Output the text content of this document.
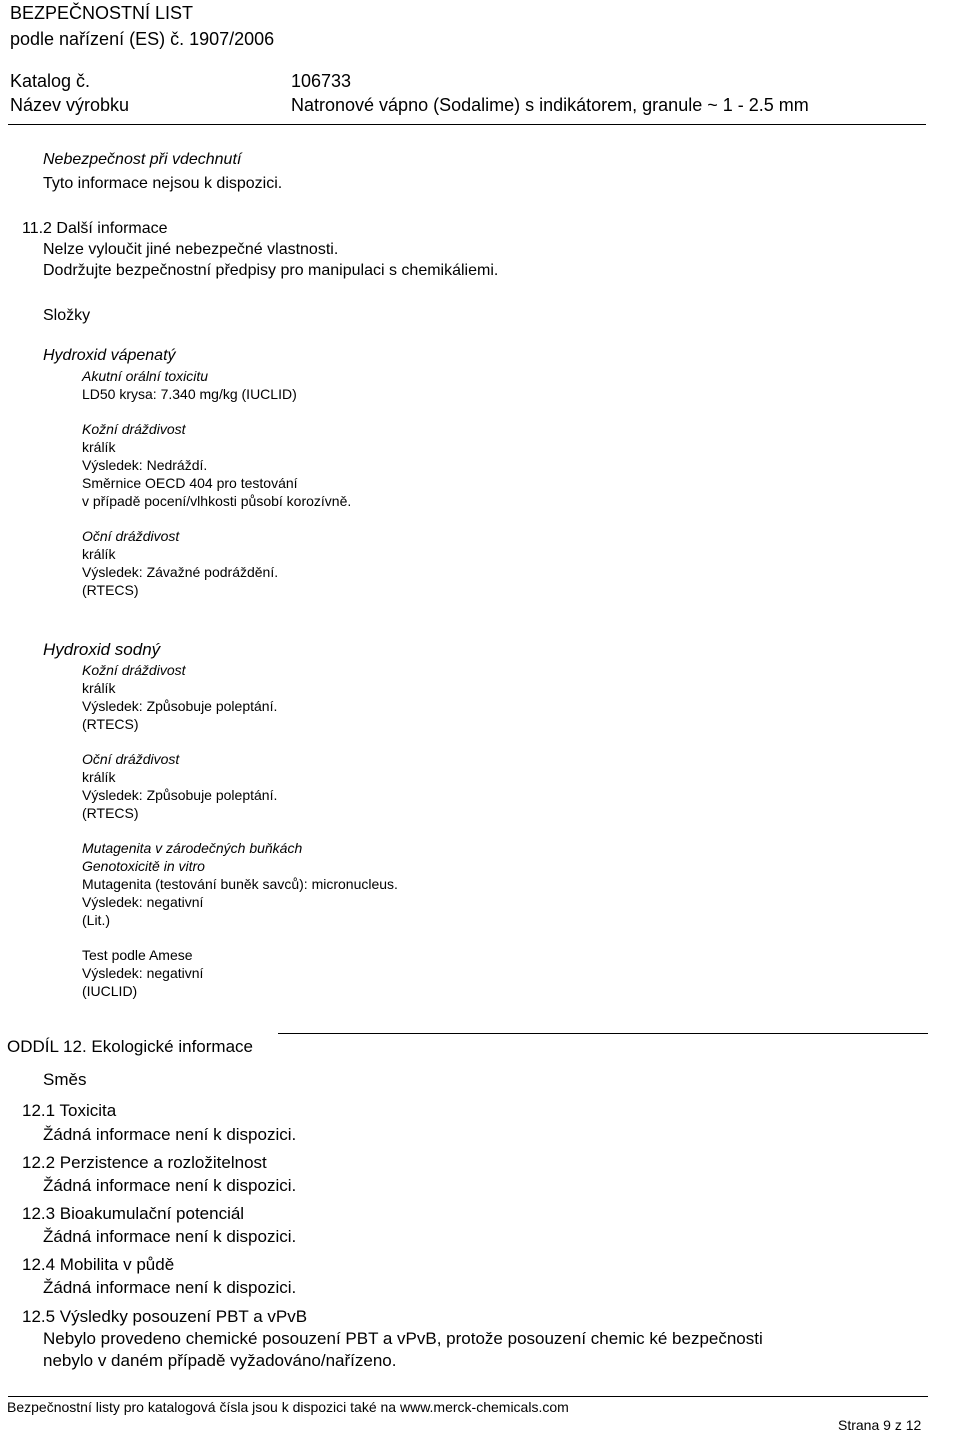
BEZPEČNOSTNÍ LIST
podle nařízení (ES) č. 1907/2006
Katalog č.	106733
Název výrobku	Natronové vápno (Sodalime) s indikátorem, granule ~ 1 - 2.5 mm
Nebezpečnost při vdechnutí
Tyto informace nejsou k dispozici.
11.2 Další informace
Nelze vyloučit jiné nebezpečné vlastnosti.
Dodržujte bezpečnostní předpisy pro manipulaci s chemikáliemi.
Složky
Hydroxid vápenatý
Akutní orální toxicitu
LD50 krysa: 7.340 mg/kg (IUCLID)
Kožní dráždivost
králík
Výsledek: Nedráždí.
Směrnice OECD 404 pro testování
v případě pocení/vlhkosti působí korozívně.
Oční dráždivost
králík
Výsledek: Závažné podráždění.
(RTECS)
Hydroxid sodný
Kožní dráždivost
králík
Výsledek: Způsobuje poleptání.
(RTECS)
Oční dráždivost
králík
Výsledek: Způsobuje poleptání.
(RTECS)
Mutagenita v zárodečných buňkách
Genotoxicitě in vitro
Mutagenita (testování buněk savců): micronucleus.
Výsledek: negativní
(Lit.)
Test podle Amese
Výsledek: negativní
(IUCLID)
ODDÍL 12. Ekologické informace
Směs
12.1 Toxicita
Žádná informace není k dispozici.
12.2 Perzistence a rozložitelnost
Žádná informace není k dispozici.
12.3 Bioakumulační potenciál
Žádná informace není k dispozici.
12.4 Mobilita v půdě
Žádná informace není k dispozici.
12.5 Výsledky posouzení PBT a vPvB
Nebylo provedeno chemické posouzení PBT a vPvB, protože posouzení chemic ké bezpečnosti
nebylo v daném případě vyžadováno/nařízeno.
Bezpečnostní listy pro katalogová čísla jsou k dispozici také na www.merck-chemicals.com
Strana 9 z 12
